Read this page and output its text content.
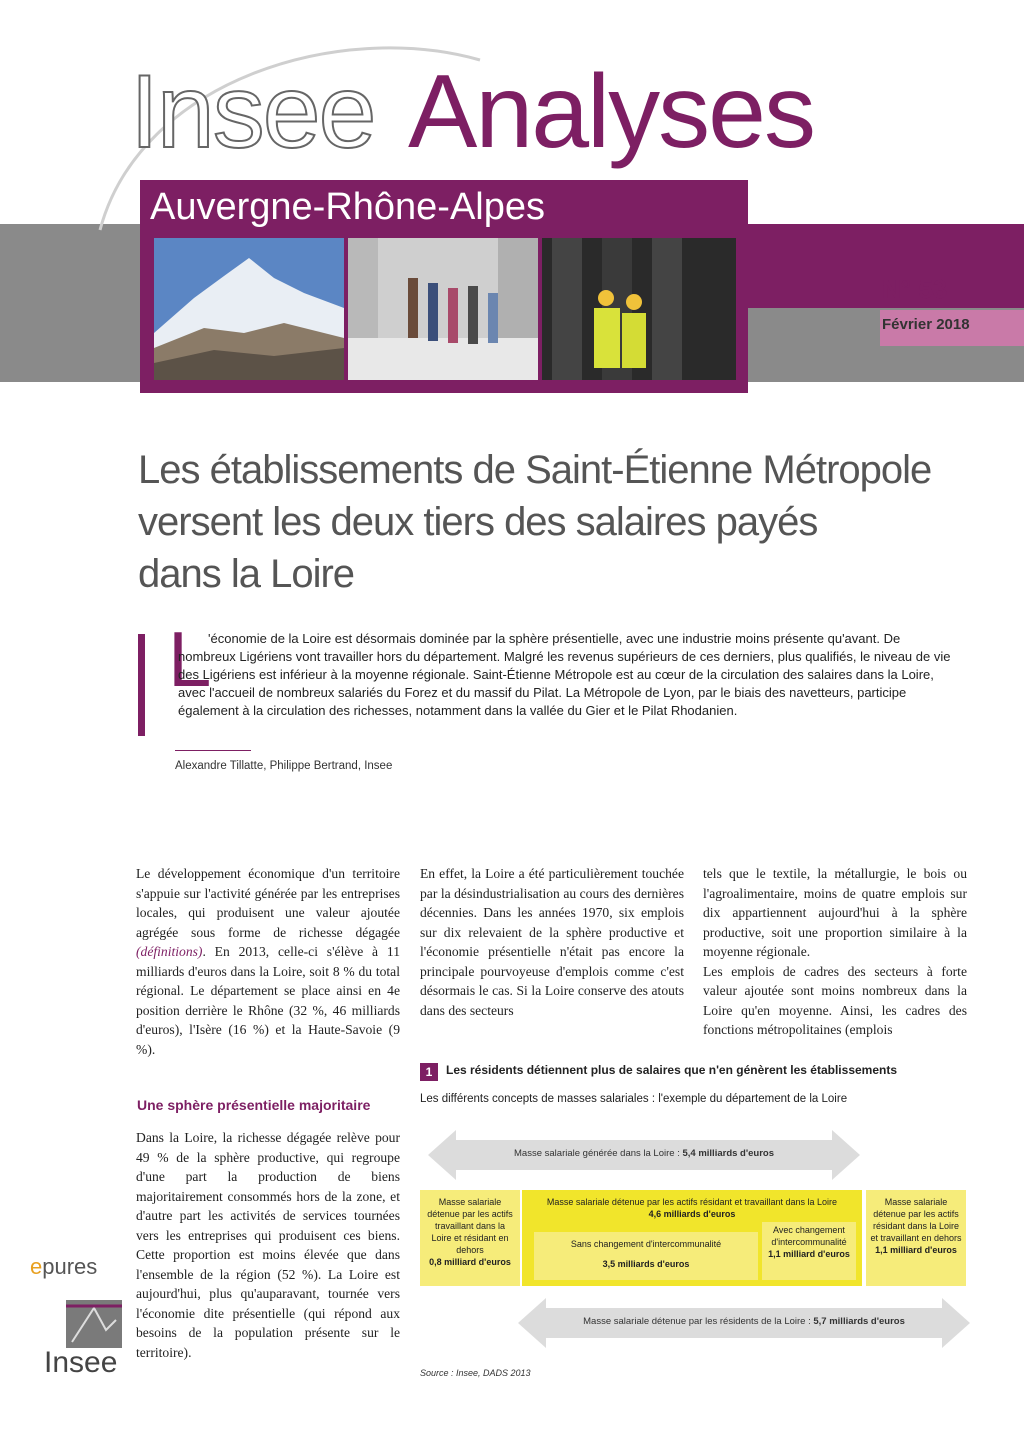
Insee Analyses
Auvergne-Rhône-Alpes
N° 53
Février 2018
Les établissements de Saint-Étienne Métropole
versent les deux tiers des salaires payés
dans la Loire
L
'économie de la Loire est désormais dominée par la sphère présentielle, avec une industrie moins présente qu'avant. De nombreux Ligériens vont travailler hors du département. Malgré les revenus supérieurs de ces derniers, plus qualifiés, le niveau de vie des Ligériens est inférieur à la moyenne régionale. Saint-Étienne Métropole est au cœur de la circulation des salaires dans la Loire, avec l'accueil de nombreux salariés du Forez et du massif du Pilat. La Métropole de Lyon, par le biais des navetteurs, participe également à la circulation des richesses, notamment dans la vallée du Gier et le Pilat Rhodanien.
Alexandre Tillatte, Philippe Bertrand, Insee

Le développement économique d'un territoire s'appuie sur l'activité générée par les entreprises locales, qui produisent une valeur ajoutée agrégée sous forme de richesse dégagée (définitions). En 2013, celle-ci s'élève à 11 milliards d'euros dans la Loire, soit 8 % du total régional. Le département se place ainsi en 4e position derrière le Rhône (32 %, 46 milliards d'euros), l'Isère (16 %) et la Haute-Savoie (9 %).

Une sphère présentielle majoritaire

Dans la Loire, la richesse dégagée relève pour 49 % de la sphère productive, qui regroupe d'une part la production de biens majoritairement consommés hors de la zone, et d'autre part les activités de services tournées vers les entreprises qui produisent ces biens. Cette proportion est moins élevée que dans l'ensemble de la région (52 %). La Loire est aujourd'hui, plus qu'auparavant, tournée vers l'économie dite présentielle (qui répond aux besoins de la population présente sur le territoire).

En effet, la Loire a été particulièrement touchée par la désindustrialisation au cours des dernières décennies. Dans les années 1970, six emplois sur dix relevaient de la sphère productive et l'économie présentielle n'était pas encore la principale pourvoyeuse d'emplois comme c'est désormais le cas. Si la Loire conserve des atouts dans des secteurs

tels que le textile, la métallurgie, le bois ou l'agroalimentaire, moins de quatre emplois sur dix appartiennent aujourd'hui à la sphère productive, soit une proportion similaire à la moyenne régionale.

Les emplois de cadres des secteurs à forte valeur ajoutée sont moins nombreux dans la Loire qu'en moyenne. Ainsi, les cadres des fonctions métropolitaines (emplois

1	Les résidents détiennent plus de salaires que n'en génèrent les établissements
Les différents concepts de masses salariales : l'exemple du département de la Loire
Masse salariale générée dans la Loire : 5,4 milliards d'euros
Masse salariale détenue par les actifs travaillant dans la Loire et résidant en dehors
0,8 milliard d'euros
Masse salariale détenue par les actifs résidant et travaillant dans la Loire
4,6 milliards d'euros
Sans changement d'intercommunalité
3,5 milliards d'euros
Avec changement d'intercommunalité
1,1 milliard d'euros
Masse salariale détenue par les actifs résidant dans la Loire et travaillant en dehors
1,1 milliard d'euros
Masse salariale détenue par les résidents de la Loire : 5,7 milliards d'euros
Source : Insee, DADS 2013
epures
Insee
